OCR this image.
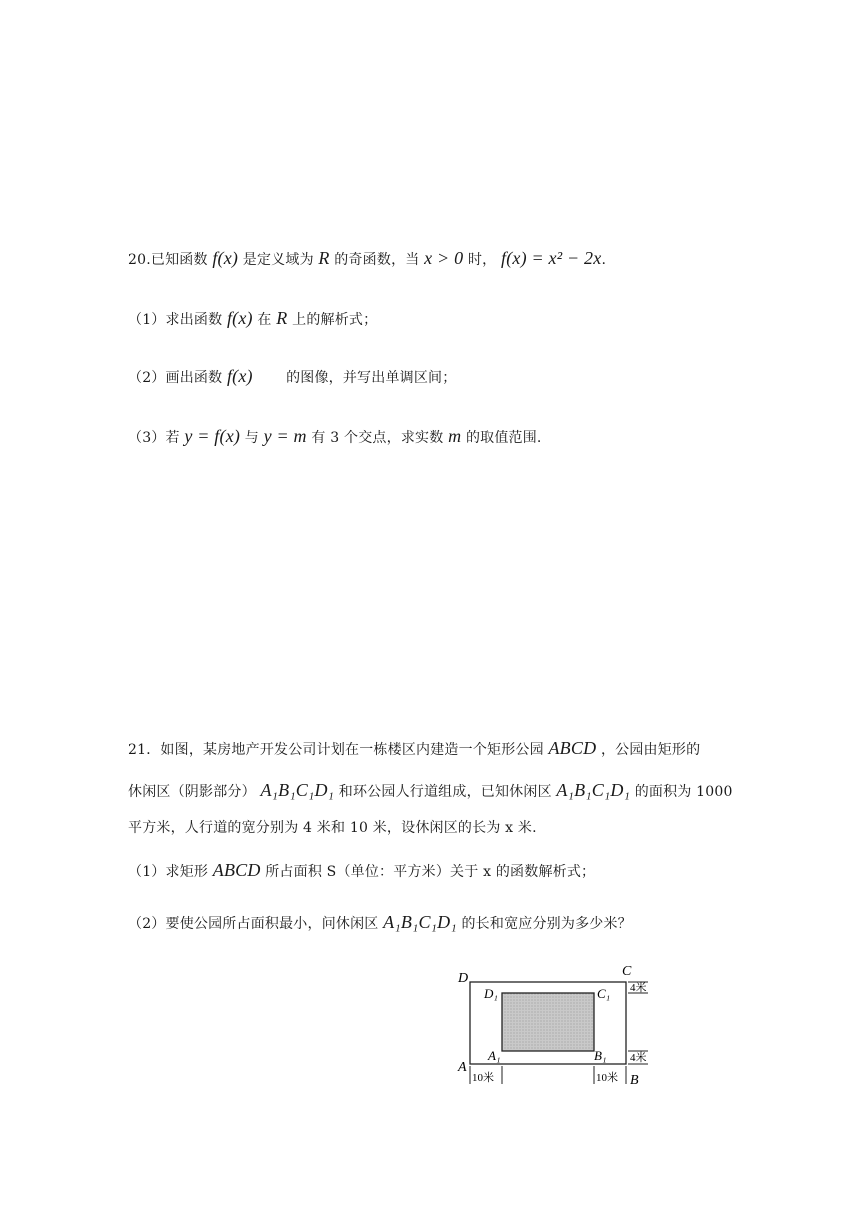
20.已知函数 f(x) 是定义域为 R 的奇函数，当 x > 0 时， f(x) = x² − 2x.
（1）求出函数 f(x) 在 R 上的解析式；
（2）画出函数 f(x) 的图像，并写出单调区间；
（3）若 y = f(x) 与 y = m 有 3 个交点，求实数 m 的取值范围.
21．如图，某房地产开发公司计划在一栋楼区内建造一个矩形公园 ABCD ，公园由矩形的
休闲区（阴影部分） A₁B₁C₁D₁ 和环公园人行道组成，已知休闲区 A₁B₁C₁D₁ 的面积为 1000
平方米，人行道的宽分别为 4 米和 10 米，设休闲区的长为 x 米.
（1）求矩形 ABCD 所占面积 S（单位：平方米）关于 x 的函数解析式；
（2）要使公园所占面积最小，问休闲区 A₁B₁C₁D₁ 的长和宽应分别为多少米？
D	C
A
B
D₁	C₁
A₁	B₁
4米
4米
10米	10米
